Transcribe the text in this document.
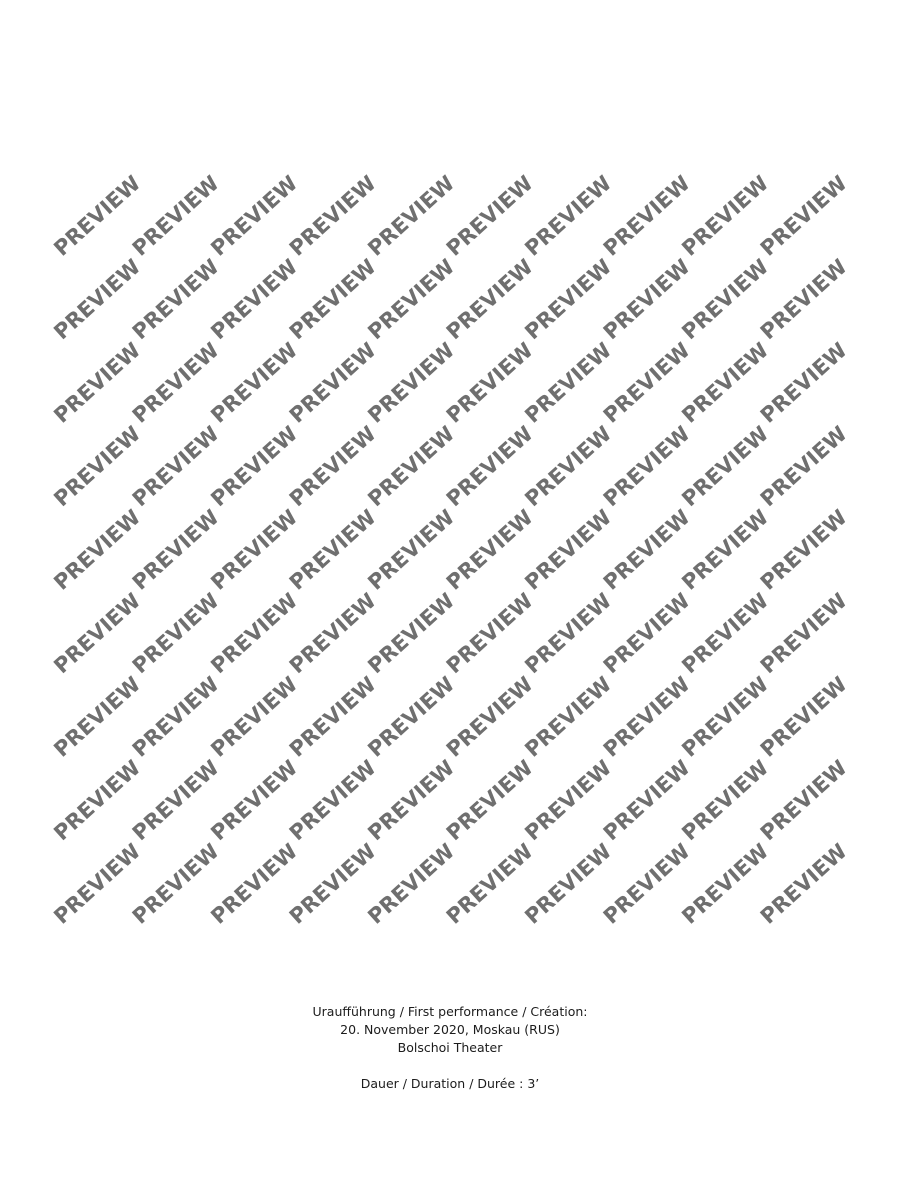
PREVIEW
PREVIEW
PREVIEW
PREVIEW
PREVIEW
PREVIEW
PREVIEW
PREVIEW
PREVIEW
PREVIEW
PREVIEW
PREVIEW
PREVIEW
PREVIEW
PREVIEW
PREVIEW
PREVIEW
PREVIEW
PREVIEW
PREVIEW
PREVIEW
PREVIEW
PREVIEW
PREVIEW
PREVIEW
PREVIEW
PREVIEW
PREVIEW
PREVIEW
PREVIEW
PREVIEW
PREVIEW
PREVIEW
PREVIEW
PREVIEW
PREVIEW
PREVIEW
PREVIEW
PREVIEW
PREVIEW
PREVIEW
PREVIEW
PREVIEW
PREVIEW
PREVIEW
PREVIEW
PREVIEW
PREVIEW
PREVIEW
PREVIEW
PREVIEW
PREVIEW
PREVIEW
PREVIEW
PREVIEW
PREVIEW
PREVIEW
PREVIEW
PREVIEW
PREVIEW
PREVIEW
PREVIEW
PREVIEW
PREVIEW
PREVIEW
PREVIEW
PREVIEW
PREVIEW
PREVIEW
PREVIEW
PREVIEW
PREVIEW
PREVIEW
PREVIEW
PREVIEW
PREVIEW
PREVIEW
PREVIEW
PREVIEW
PREVIEW
PREVIEW
PREVIEW
PREVIEW
PREVIEW
PREVIEW
PREVIEW
PREVIEW
PREVIEW
PREVIEW
PREVIEW
Uraufführung / First performance / Création:
20. November 2020, Moskau (RUS)
Bolschoi Theater
Dauer / Duration / Durée : 3’
